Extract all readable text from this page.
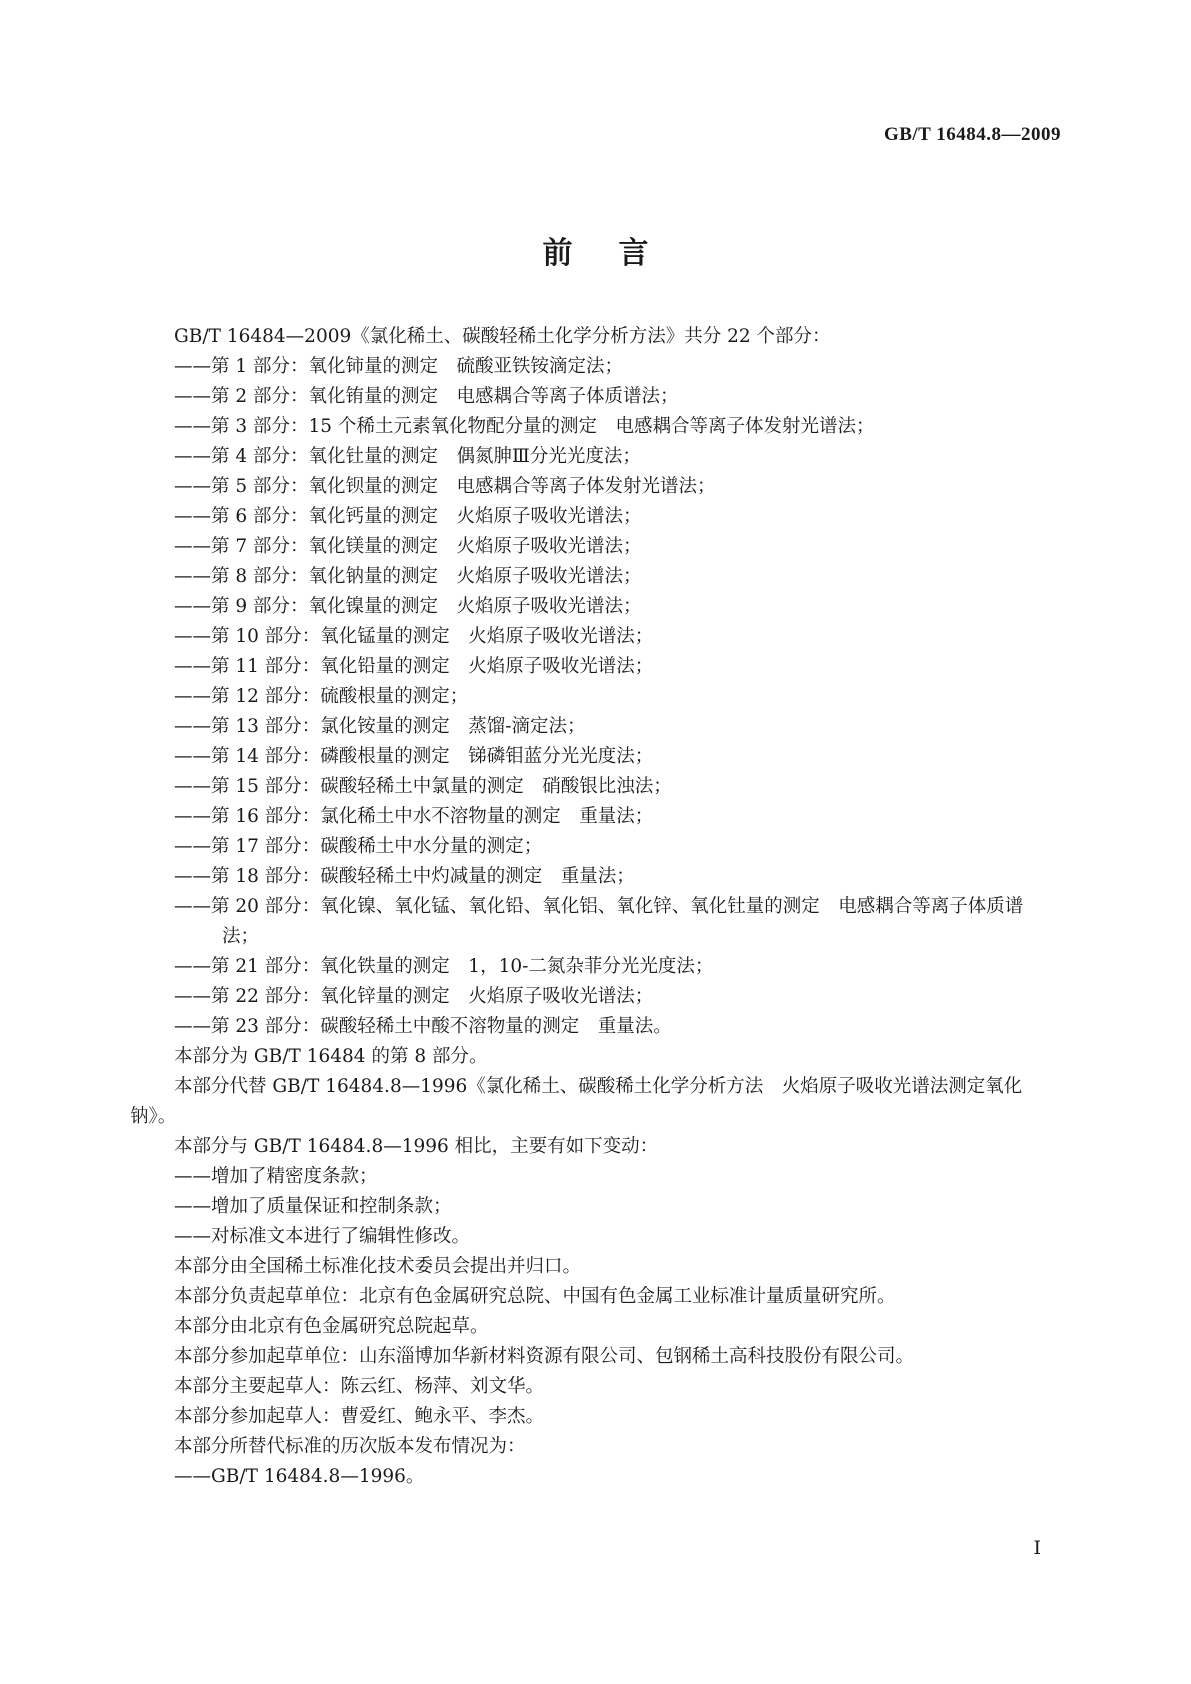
GB/T 16484.8—2009
前言

GB/T 16484—2009《氯化稀土、碳酸轻稀土化学分析方法》共分 22 个部分：

——第 1 部分：氧化铈量的测定　硫酸亚铁铵滴定法；

——第 2 部分：氧化铕量的测定　电感耦合等离子体质谱法；

——第 3 部分：15 个稀土元素氧化物配分量的测定　电感耦合等离子体发射光谱法；

——第 4 部分：氧化钍量的测定　偶氮胂Ⅲ分光光度法；

——第 5 部分：氧化钡量的测定　电感耦合等离子体发射光谱法；

——第 6 部分：氧化钙量的测定　火焰原子吸收光谱法；

——第 7 部分：氧化镁量的测定　火焰原子吸收光谱法；

——第 8 部分：氧化钠量的测定　火焰原子吸收光谱法；

——第 9 部分：氧化镍量的测定　火焰原子吸收光谱法；

——第 10 部分：氧化锰量的测定　火焰原子吸收光谱法；

——第 11 部分：氧化铅量的测定　火焰原子吸收光谱法；

——第 12 部分：硫酸根量的测定；

——第 13 部分：氯化铵量的测定　蒸馏-滴定法；

——第 14 部分：磷酸根量的测定　锑磷钼蓝分光光度法；

——第 15 部分：碳酸轻稀土中氯量的测定　硝酸银比浊法；

——第 16 部分：氯化稀土中水不溶物量的测定　重量法；

——第 17 部分：碳酸稀土中水分量的测定；

——第 18 部分：碳酸轻稀土中灼减量的测定　重量法；

——第 20 部分：氧化镍、氧化锰、氧化铅、氧化铝、氧化锌、氧化钍量的测定　电感耦合等离子体质谱法；

——第 21 部分：氧化铁量的测定　1，10-二氮杂菲分光光度法；

——第 22 部分：氧化锌量的测定　火焰原子吸收光谱法；

——第 23 部分：碳酸轻稀土中酸不溶物量的测定　重量法。

本部分为 GB/T 16484 的第 8 部分。

本部分代替 GB/T 16484.8—1996《氯化稀土、碳酸稀土化学分析方法　火焰原子吸收光谱法测定氧化钠》。

本部分与 GB/T 16484.8—1996 相比，主要有如下变动：

——增加了精密度条款；

——增加了质量保证和控制条款；

——对标准文本进行了编辑性修改。

本部分由全国稀土标准化技术委员会提出并归口。

本部分负责起草单位：北京有色金属研究总院、中国有色金属工业标准计量质量研究所。

本部分由北京有色金属研究总院起草。

本部分参加起草单位：山东淄博加华新材料资源有限公司、包钢稀土高科技股份有限公司。

本部分主要起草人：陈云红、杨萍、刘文华。

本部分参加起草人：曹爱红、鲍永平、李杰。

本部分所替代标准的历次版本发布情况为：

——GB/T 16484.8—1996。

Ⅰ
